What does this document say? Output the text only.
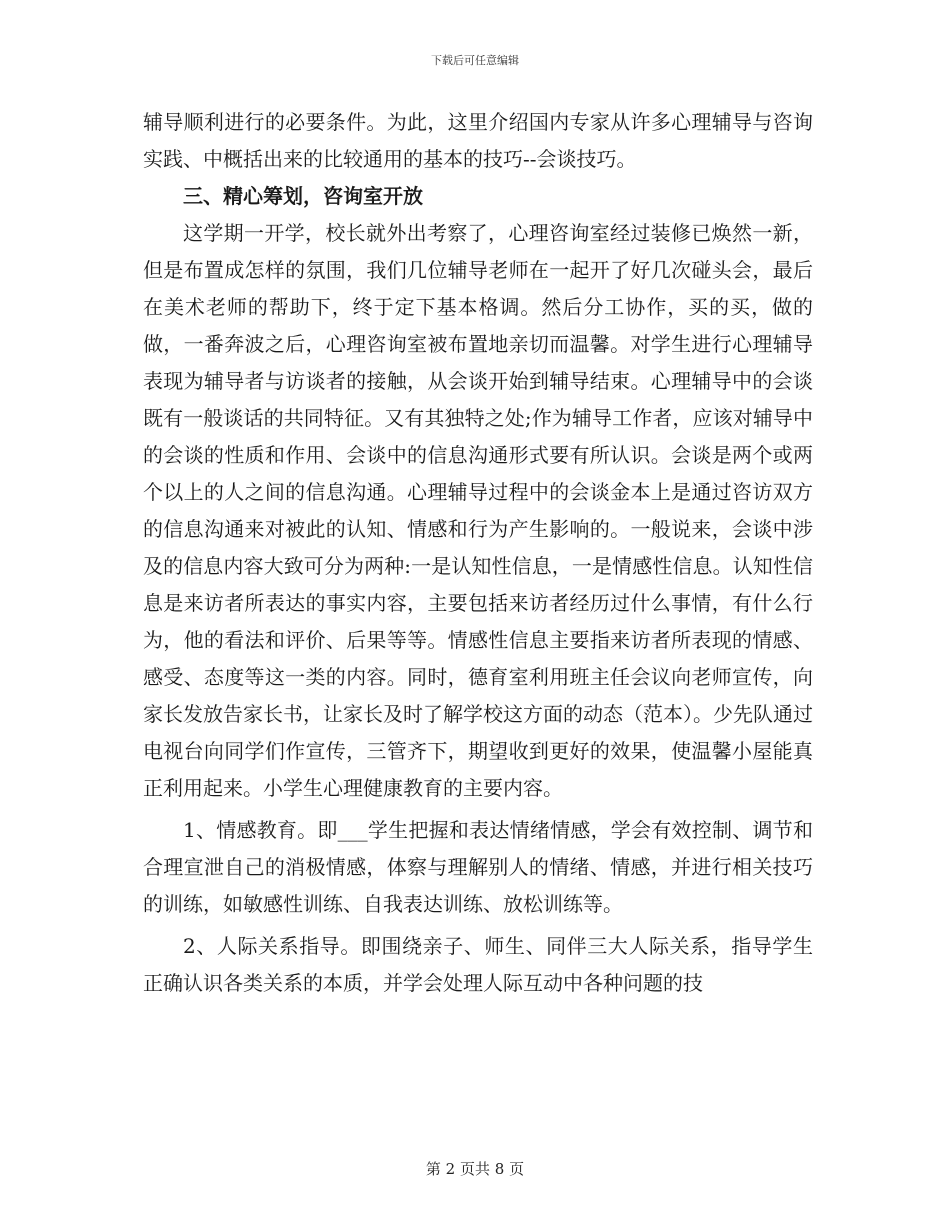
下载后可任意编辑

辅导顺利进行的必要条件。为此，这里介绍国内专家从许多心理辅导与咨询实践、中概括出来的比较通用的基本的技巧--会谈技巧。

三、精心筹划，咨询室开放

这学期一开学，校长就外出考察了，心理咨询室经过装修已焕然一新，但是布置成怎样的氛围，我们几位辅导老师在一起开了好几次碰头会，最后在美术老师的帮助下，终于定下基本格调。然后分工协作，买的买，做的做，一番奔波之后，心理咨询室被布置地亲切而温馨。对学生进行心理辅导表现为辅导者与访谈者的接触，从会谈开始到辅导结束。心理辅导中的会谈既有一般谈话的共同特征。又有其独特之处;作为辅导工作者，应该对辅导中的会谈的性质和作用、会谈中的信息沟通形式要有所认识。会谈是两个或两个以上的人之间的信息沟通。心理辅导过程中的会谈金本上是通过咨访双方的信息沟通来对被此的认知、情感和行为产生影响的。一般说来，会谈中涉及的信息内容大致可分为两种:一是认知性信息，一是情感性信息。认知性信息是来访者所表达的事实内容，主要包括来访者经历过什么事情，有什么行为，他的看法和评价、后果等等。情感性信息主要指来访者所表现的情感、感受、态度等这一类的内容。同时，德育室利用班主任会议向老师宣传，向家长发放告家长书，让家长及时了解学校这方面的动态（范本）。少先队通过电视台向同学们作宣传，三管齐下，期望收到更好的效果，使温馨小屋能真正利用起来。小学生心理健康教育的主要内容。

1、情感教育。即___学生把握和表达情绪情感，学会有效控制、调节和合理宣泄自己的消极情感，体察与理解别人的情绪、情感，并进行相关技巧的训练，如敏感性训练、自我表达训练、放松训练等。

2、人际关系指导。即围绕亲子、师生、同伴三大人际关系，指导学生正确认识各类关系的本质，并学会处理人际互动中各种问题的技

第 2 页共 8 页
